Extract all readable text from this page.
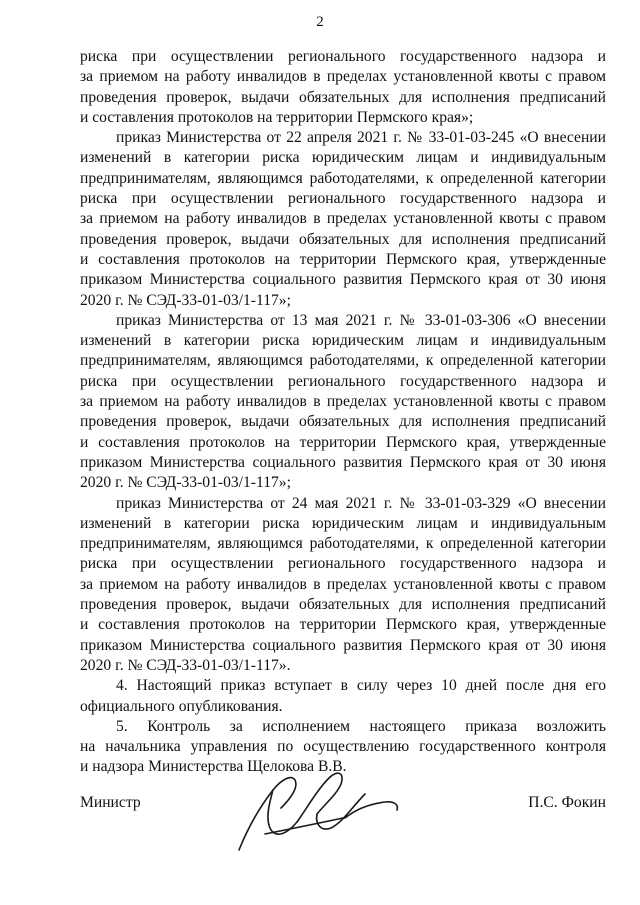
2
риска при осуществлении регионального государственного надзора и
за приемом на работу инвалидов в пределах установленной квоты с правом
проведения проверок, выдачи обязательных для исполнения предписаний
и составления протоколов на территории Пермского края»;
приказ Министерства от 22 апреля 2021 г. № 33-01-03-245 «О внесении
изменений в категории риска юридическим лицам и индивидуальным
предпринимателям, являющимся работодателями, к определенной категории
риска при осуществлении регионального государственного надзора и
за приемом на работу инвалидов в пределах установленной квоты с правом
проведения проверок, выдачи обязательных для исполнения предписаний
и составления протоколов на территории Пермского края, утвержденные
приказом Министерства социального развития Пермского края от 30 июня
2020 г. № СЭД-33-01-03/1-117»;
приказ Министерства от 13 мая 2021 г. № 33-01-03-306 «О внесении
изменений в категории риска юридическим лицам и индивидуальным
предпринимателям, являющимся работодателями, к определенной категории
риска при осуществлении регионального государственного надзора и
за приемом на работу инвалидов в пределах установленной квоты с правом
проведения проверок, выдачи обязательных для исполнения предписаний
и составления протоколов на территории Пермского края, утвержденные
приказом Министерства социального развития Пермского края от 30 июня
2020 г. № СЭД-33-01-03/1-117»;
приказ Министерства от 24 мая 2021 г. № 33-01-03-329 «О внесении
изменений в категории риска юридическим лицам и индивидуальным
предпринимателям, являющимся работодателями, к определенной категории
риска при осуществлении регионального государственного надзора и
за приемом на работу инвалидов в пределах установленной квоты с правом
проведения проверок, выдачи обязательных для исполнения предписаний
и составления протоколов на территории Пермского края, утвержденные
приказом Министерства социального развития Пермского края от 30 июня
2020 г. № СЭД-33-01-03/1-117».
4. Настоящий приказ вступает в силу через 10 дней после дня его
официального опубликования.
5. Контроль за исполнением настоящего приказа возложить
на начальника управления по осуществлению государственного контроля
и надзора Министерства Щелокова В.В.
Министр	П.С. Фокин
